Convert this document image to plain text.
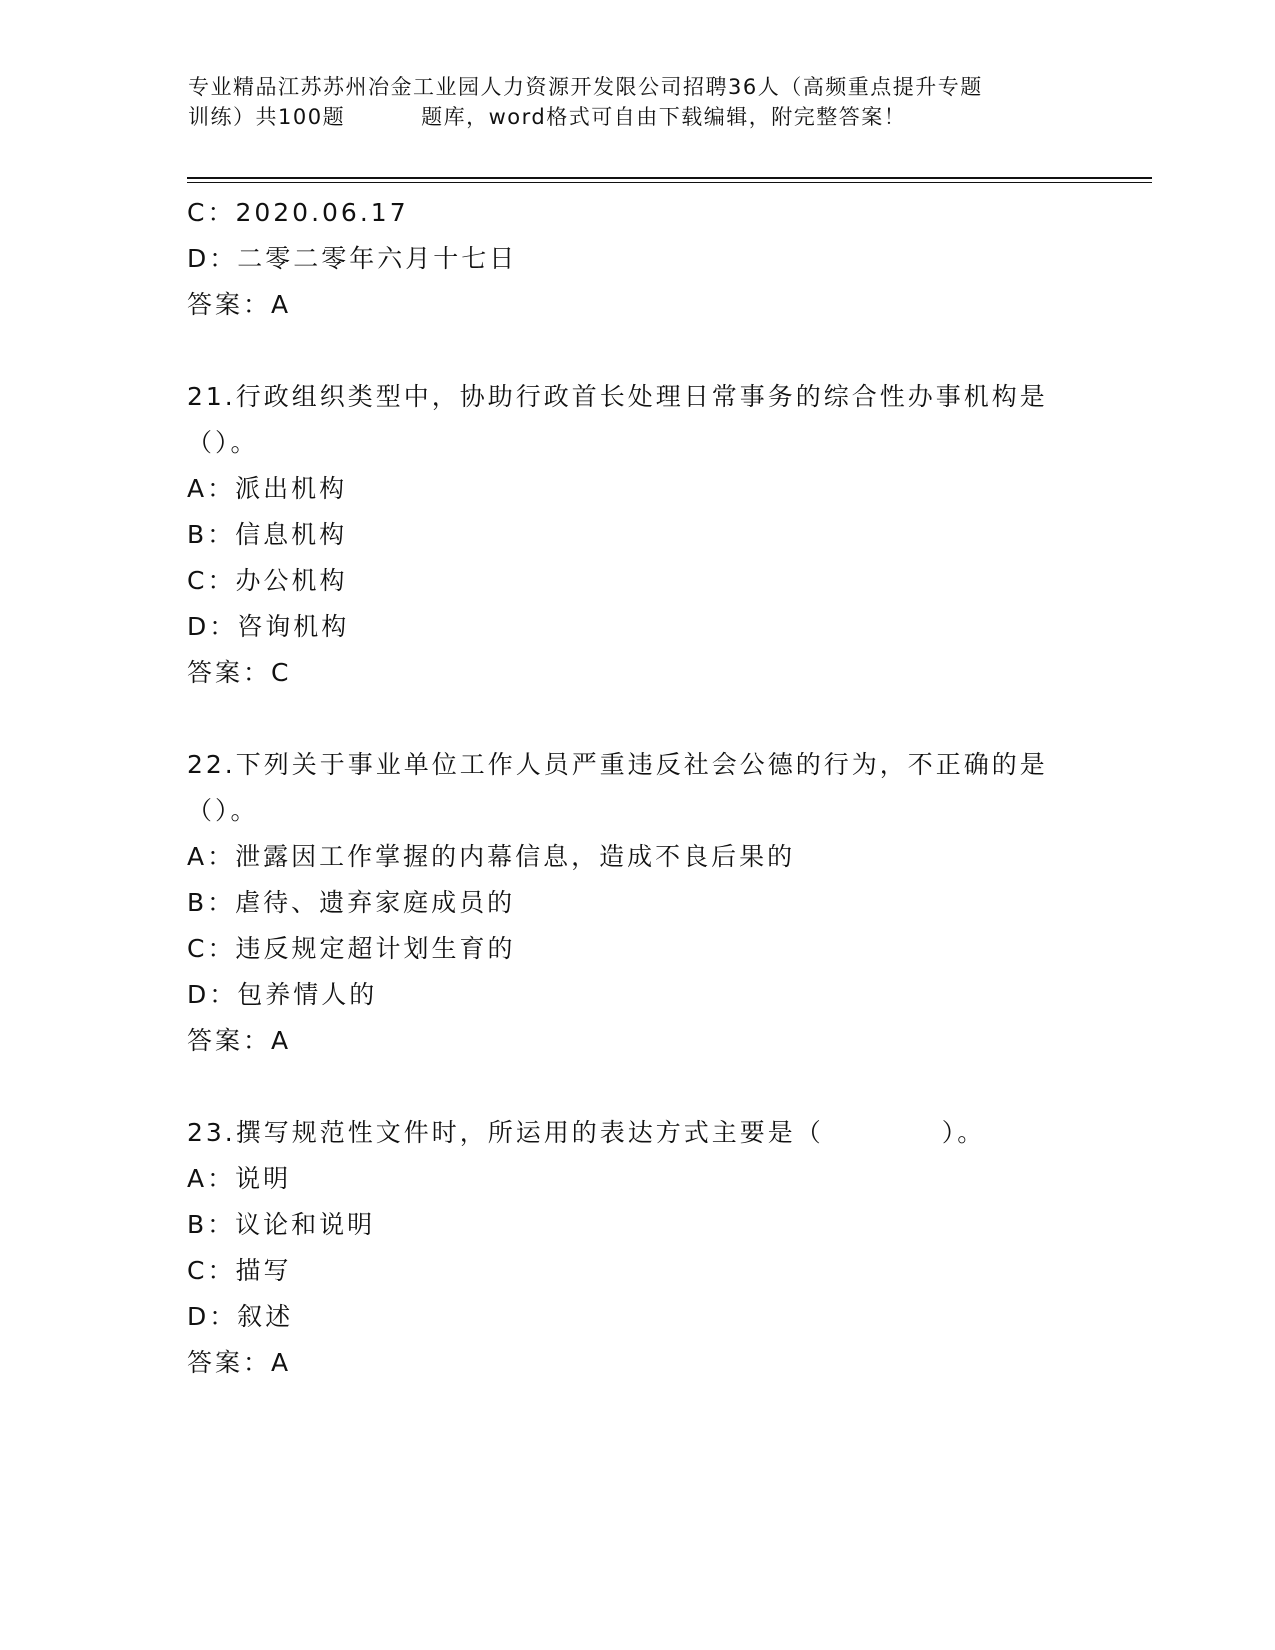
专业精品江苏苏州冶金工业园人力资源开发限公司招聘36人（高频重点提升专题
训练）共100题	题库，word格式可自由下载编辑，附完整答案！
C：2020.06.17
D：二零二零年六月十七日
答案：A
21.行政组织类型中，协助行政首长处理日常事务的综合性办事机构是
（）。
A：派出机构
B：信息机构
C：办公机构
D：咨询机构
答案：C
22.下列关于事业单位工作人员严重违反社会公德的行为，不正确的是
（）。
A：泄露因工作掌握的内幕信息，造成不良后果的
B：虐待、遗弃家庭成员的
C：违反规定超计划生育的
D：包养情人的
答案：A
23.撰写规范性文件时，所运用的表达方式主要是（	）。
A：说明
B：议论和说明
C：描写
D：叙述
答案：A
